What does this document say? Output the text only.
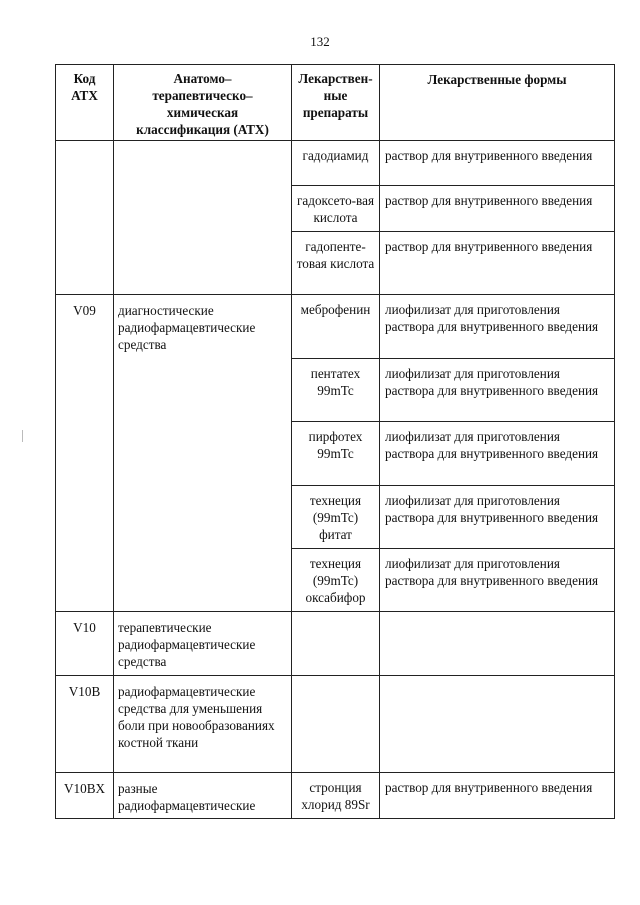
132
Код АТХ	Анатомо–терапевтическо–химическая классификация (АТХ)	Лекарствен-ные препараты	Лекарственные формы

		гадодиамид	раствор для внутривенного введения
		гадоксето-вая кислота	раствор для внутривенного введения
		гадопенте-товая кислота	раствор для внутривенного введения
V09	диагностические радиофармацевтические средства	меброфенин	лиофилизат для приготовления раствора для внутривенного введения
		пентатех 99mTc	лиофилизат для приготовления раствора для внутривенного введения
		пирфотех 99mTc	лиофилизат для приготовления раствора для внутривенного введения
		технеция (99mTc) фитат	лиофилизат для приготовления раствора для внутривенного введения
		технеция (99mTc) оксабифор	лиофилизат для приготовления раствора для внутривенного введения
V10	терапевтические радиофармацевтические средства		
V10B	радиофармацевтические средства для уменьшения боли при новообразованиях костной ткани		
V10BX	разные радиофармацевтические	стронция хлорид 89Sr	раствор для внутривенного введения
